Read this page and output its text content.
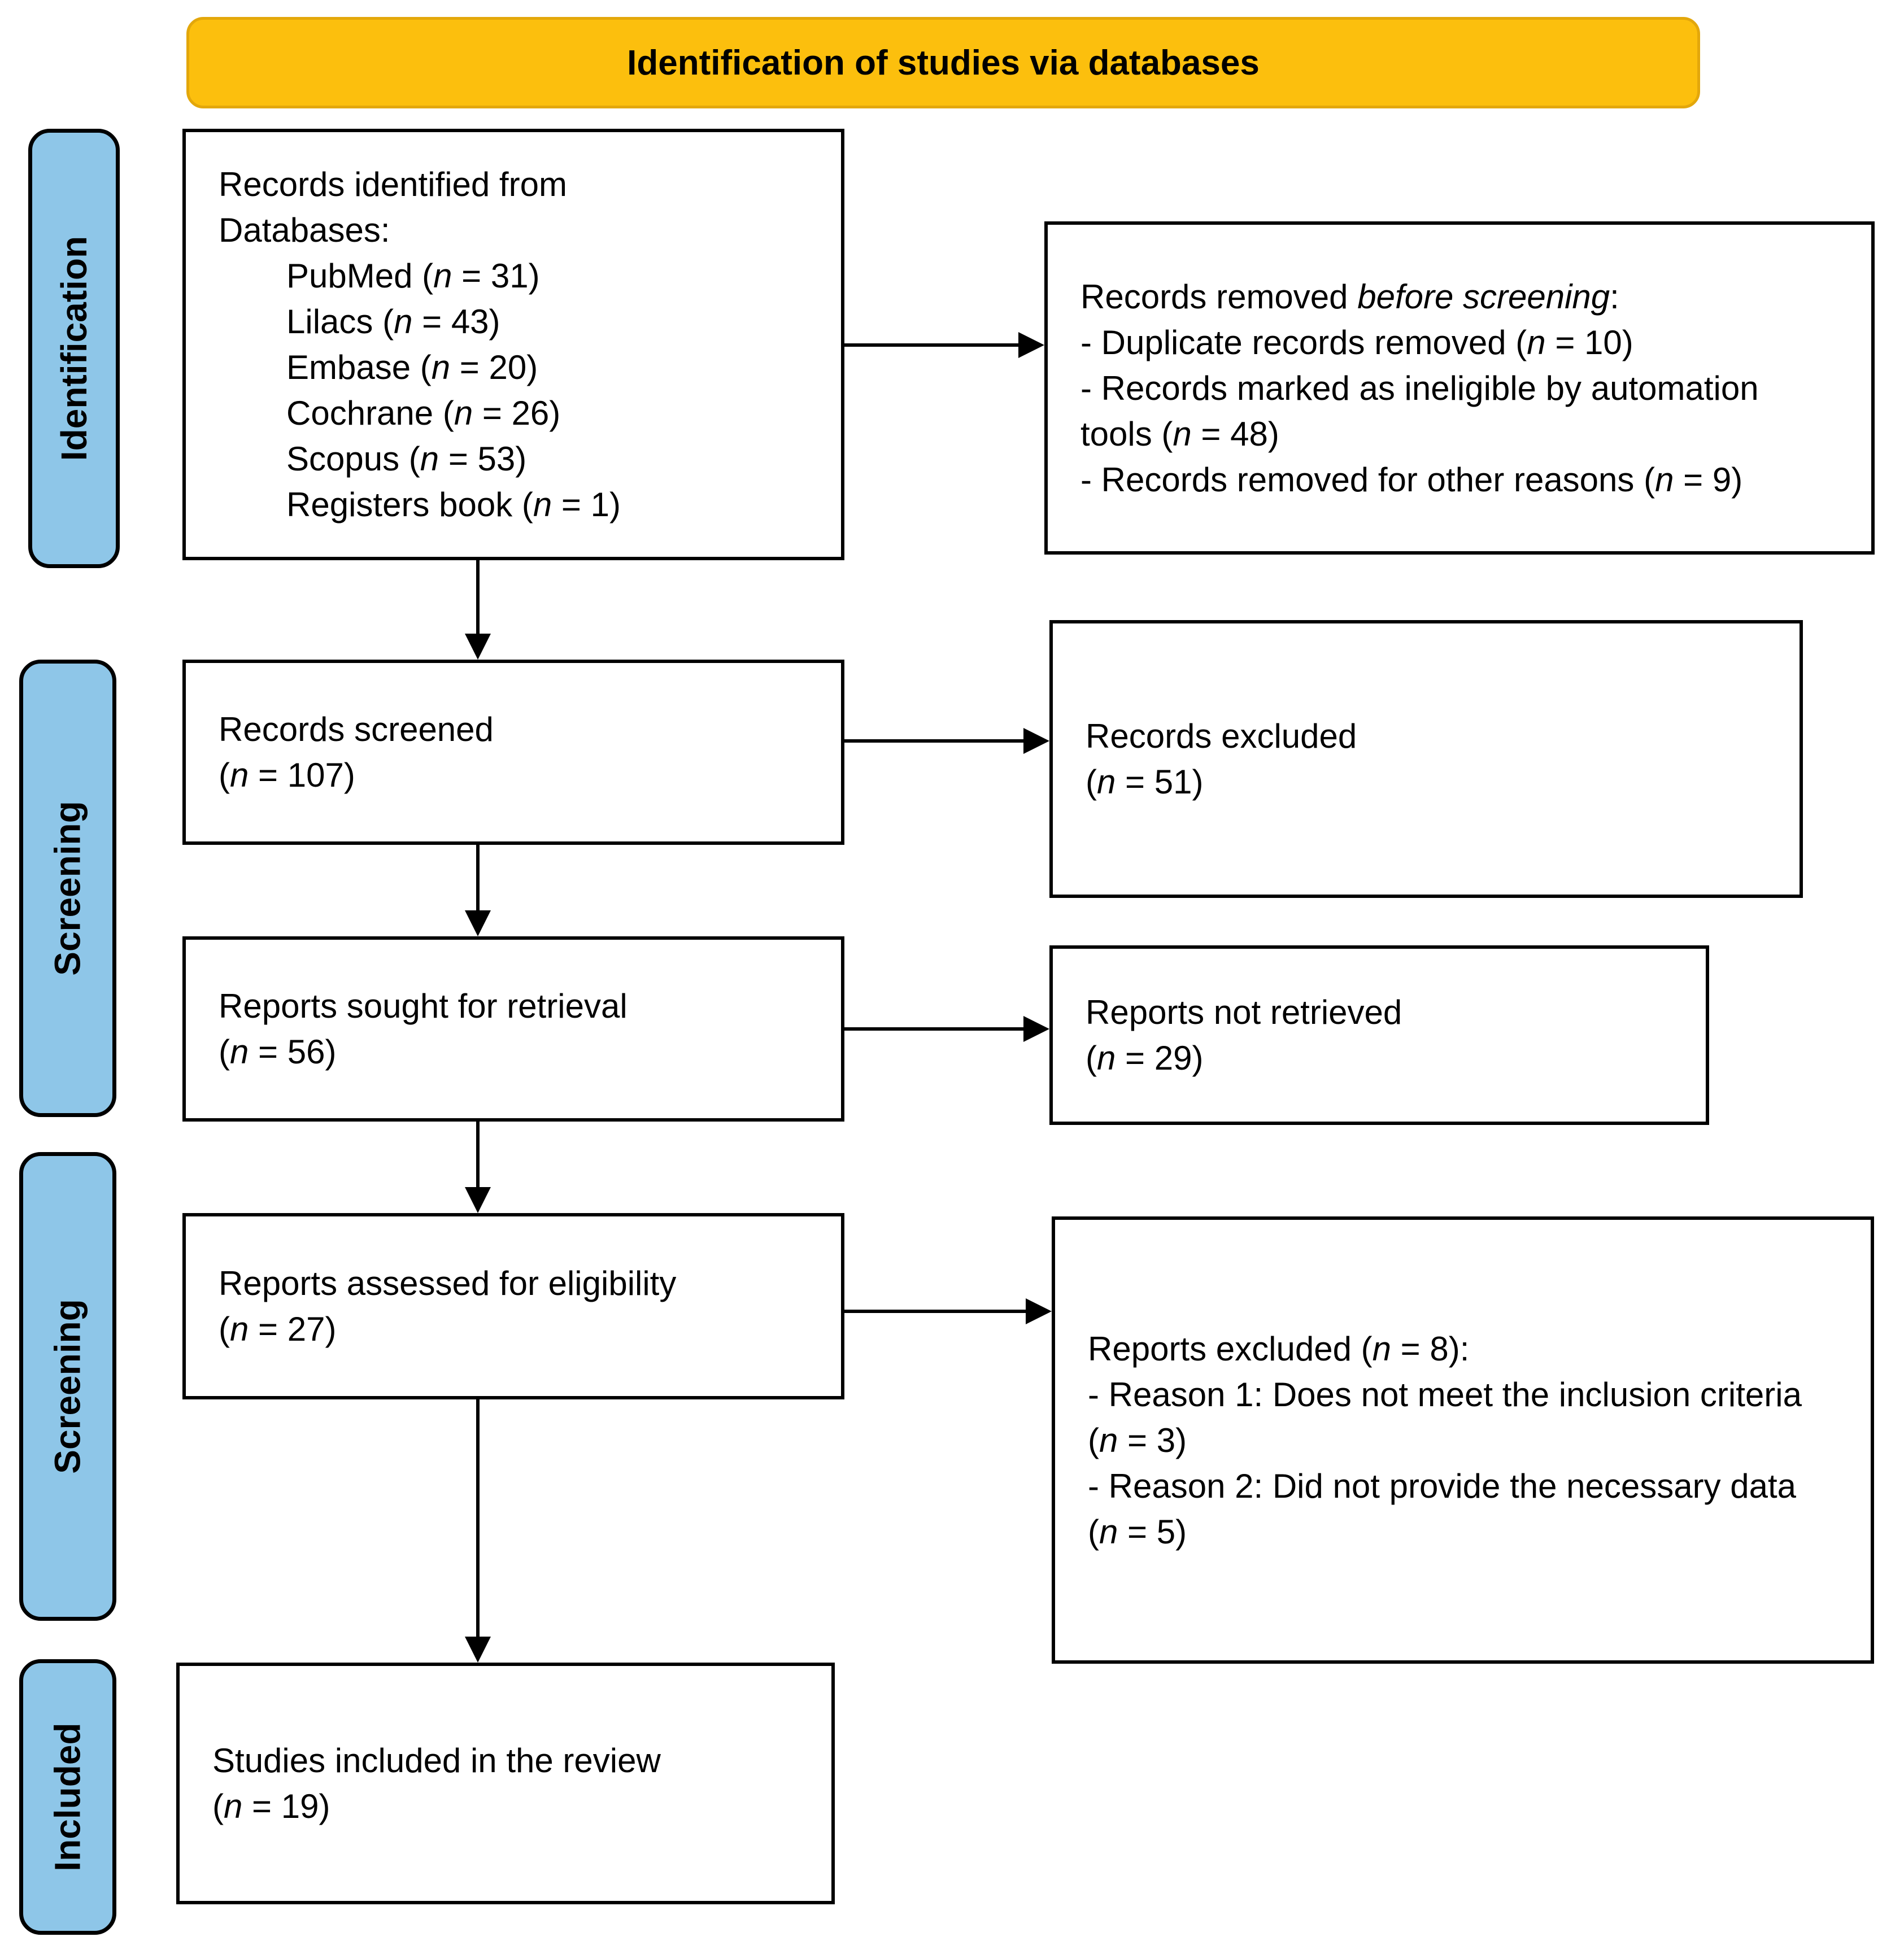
Identification of studies via databases
Identification
Screening
Screening
Included
Records identified from
Databases:
PubMed (n = 31)
Lilacs (n = 43)
Embase (n = 20)
Cochrane (n = 26)
Scopus (n = 53)
Registers book (n = 1)
Records removed before screening:
- Duplicate records removed (n = 10)
- Records marked as ineligible by automation tools (n = 48)
- Records removed for other reasons (n = 9)
Records screened
(n = 107)
Records excluded
(n = 51)
Reports sought for retrieval
(n = 56)
Reports not retrieved
(n = 29)
Reports assessed for eligibility
(n = 27)
Reports excluded (n = 8):
- Reason 1: Does not meet the inclusion criteria (n = 3)
- Reason 2: Did not provide the necessary data (n = 5)
Studies included in the review
(n = 19)
